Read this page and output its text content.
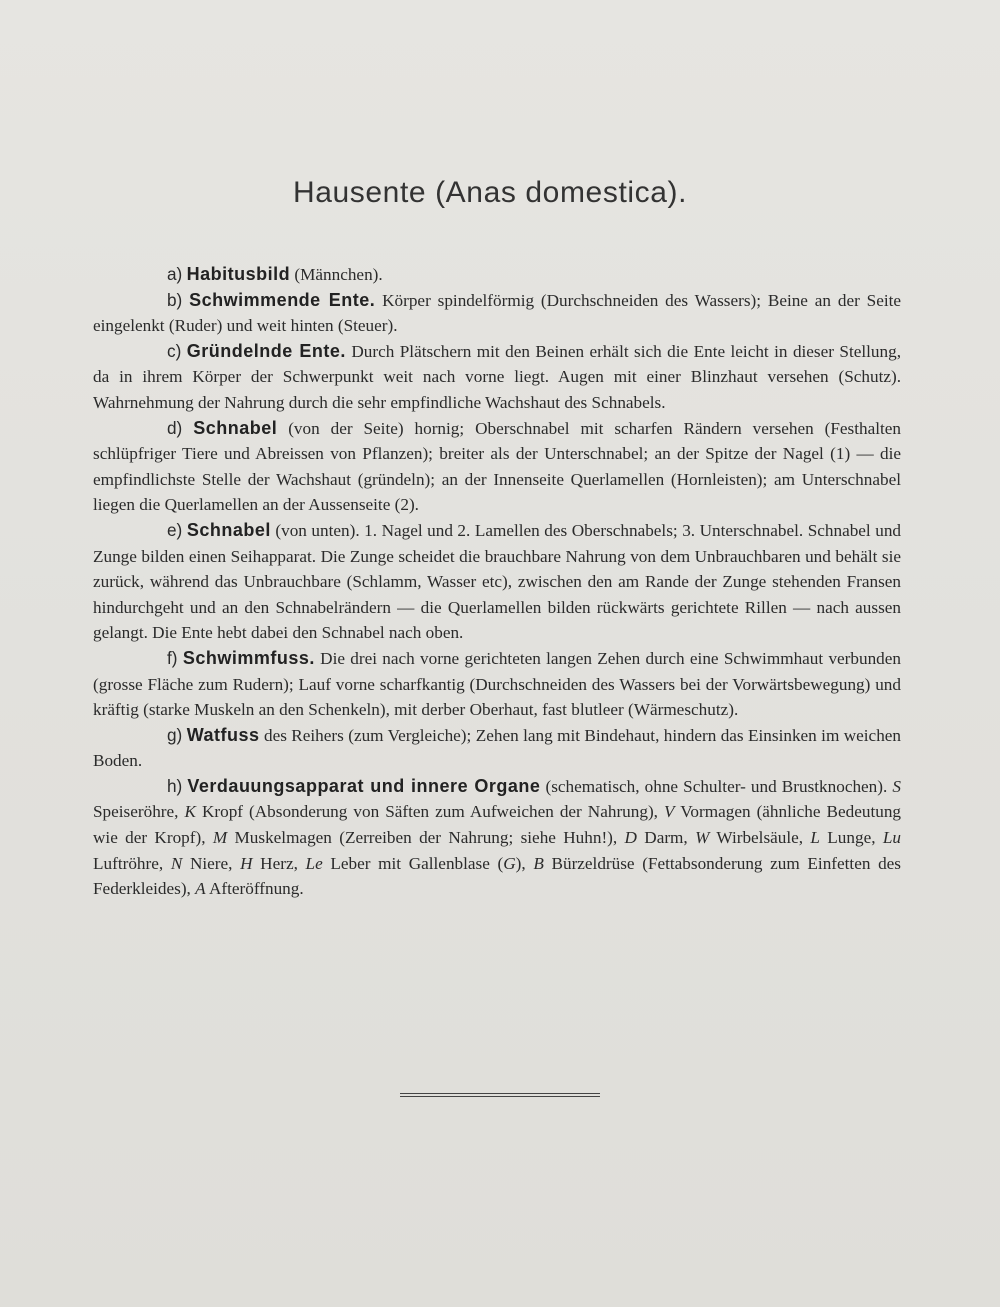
Hausente (Anas domestica).

a) Habitusbild (Männchen).

b) Schwimmende Ente. Körper spindelförmig (Durchschneiden des Wassers); Beine an der Seite eingelenkt (Ruder) und weit hinten (Steuer).

c) Gründelnde Ente. Durch Plätschern mit den Beinen erhält sich die Ente leicht in dieser Stellung, da in ihrem Körper der Schwerpunkt weit nach vorne liegt. Augen mit einer Blinzhaut versehen (Schutz). Wahrnehmung der Nahrung durch die sehr empfindliche Wachshaut des Schnabels.

d) Schnabel (von der Seite) hornig; Oberschnabel mit scharfen Rändern versehen (Festhalten schlüpfriger Tiere und Abreissen von Pflanzen); breiter als der Unterschnabel; an der Spitze der Nagel (1) — die empfindlichste Stelle der Wachshaut (gründeln); an der Innenseite Querlamellen (Hornleisten); am Unterschnabel liegen die Querlamellen an der Aussenseite (2).

e) Schnabel (von unten). 1. Nagel und 2. Lamellen des Oberschnabels; 3. Unterschnabel. Schnabel und Zunge bilden einen Seihapparat. Die Zunge scheidet die brauchbare Nahrung von dem Unbrauchbaren und behält sie zurück, während das Unbrauchbare (Schlamm, Wasser etc), zwischen den am Rande der Zunge stehenden Fransen hindurchgeht und an den Schnabelrändern — die Querlamellen bilden rückwärts gerichtete Rillen — nach aussen gelangt. Die Ente hebt dabei den Schnabel nach oben.

f) Schwimmfuss. Die drei nach vorne gerichteten langen Zehen durch eine Schwimmhaut verbunden (grosse Fläche zum Rudern); Lauf vorne scharfkantig (Durchschneiden des Wassers bei der Vorwärtsbewegung) und kräftig (starke Muskeln an den Schenkeln), mit derber Oberhaut, fast blutleer (Wärmeschutz).

g) Watfuss des Reihers (zum Vergleiche); Zehen lang mit Bindehaut, hindern das Einsinken im weichen Boden.

h) Verdauungsapparat und innere Organe (schematisch, ohne Schulter- und Brustknochen). S Speiseröhre, K Kropf (Absonderung von Säften zum Aufweichen der Nahrung), V Vormagen (ähnliche Bedeutung wie der Kropf), M Muskelmagen (Zerreiben der Nahrung; siehe Huhn!), D Darm, W Wirbelsäule, L Lunge, Lu Luftröhre, N Niere, H Herz, Le Leber mit Gallenblase (G), B Bürzeldrüse (Fettabsonderung zum Einfetten des Federkleides), A Afteröffnung.
